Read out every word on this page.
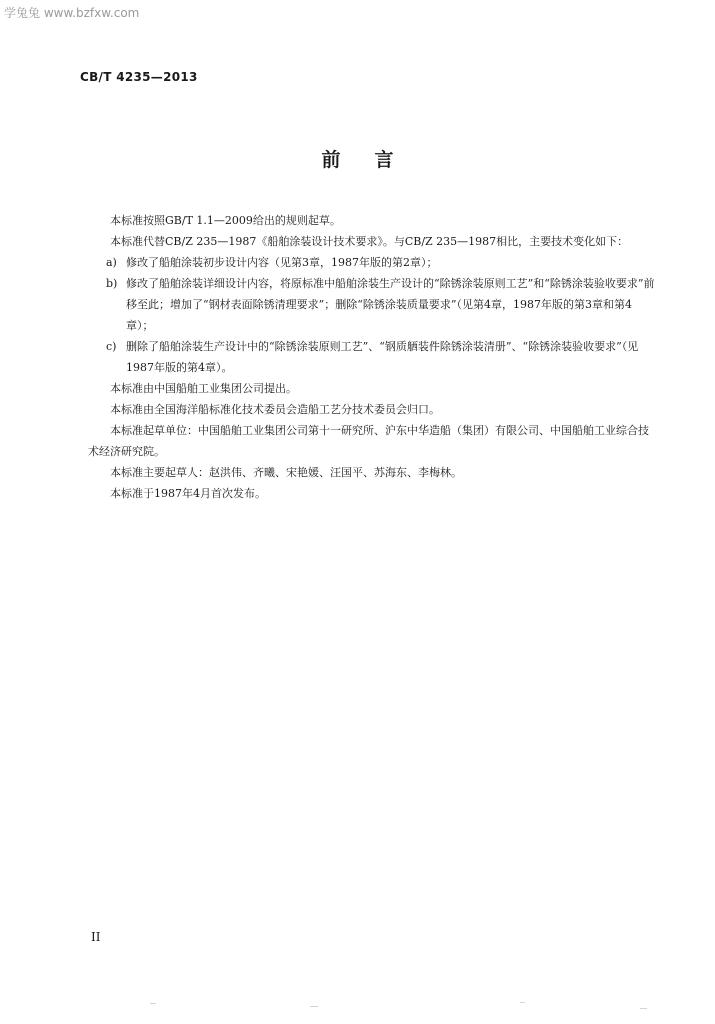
学兔兔 www.bzfxw.com
CB/T 4235—2013
前言
本标准按照GB/T 1.1—2009给出的规则起草。
本标准代替CB/Z 235—1987《船舶涂装设计技术要求》。与CB/Z 235—1987相比，主要技术变化如下：
a) 修改了船舶涂装初步设计内容（见第3章，1987年版的第2章）；
b) 修改了船舶涂装详细设计内容，将原标准中船舶涂装生产设计的“除锈涂装原则工艺”和“除锈涂装验收要求”前移至此；增加了“钢材表面除锈清理要求”；删除“除锈涂装质量要求”（见第4章，1987年版的第3章和第4章）；
c) 删除了船舶涂装生产设计中的“除锈涂装原则工艺”、“钢质舾装件除锈涂装清册”、“除锈涂装验收要求”（见1987年版的第4章）。
本标准由中国船舶工业集团公司提出。
本标准由全国海洋船标准化技术委员会造船工艺分技术委员会归口。
本标准起草单位：中国船舶工业集团公司第十一研究所、沪东中华造船（集团）有限公司、中国船舶工业综合技术经济研究院。
本标准主要起草人：赵洪伟、齐曦、宋艳媛、汪国平、苏海东、李梅林。
本标准于1987年4月首次发布。
II
